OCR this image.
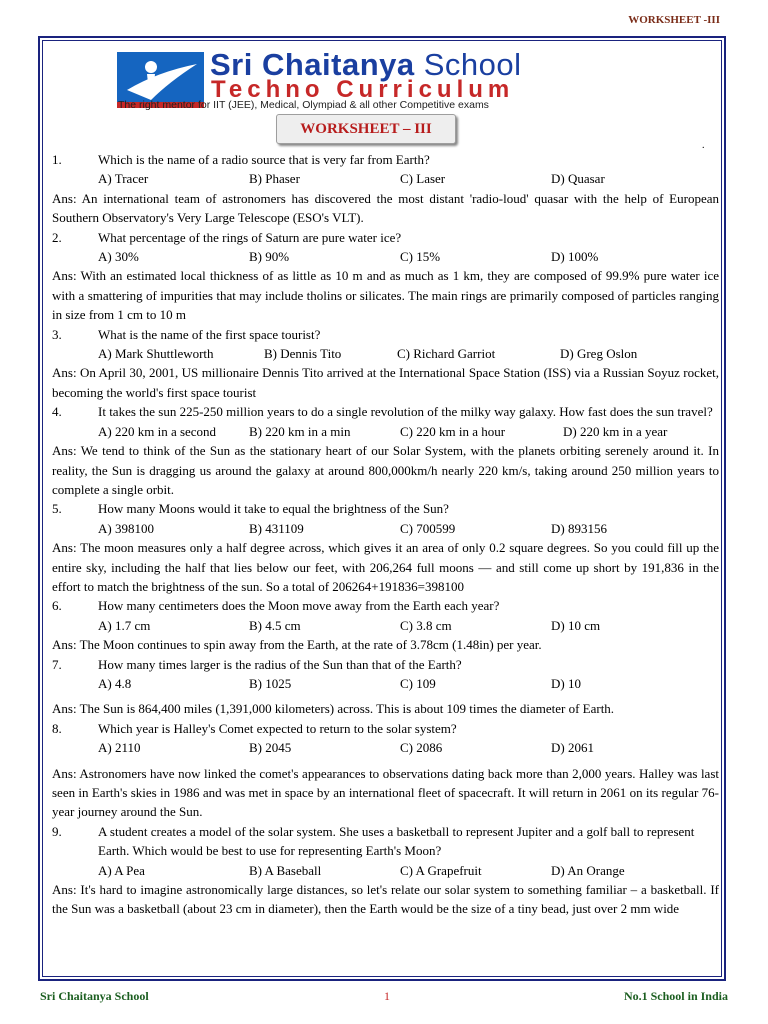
WORKSHEET -III
Sri Chaitanya School
Techno Curriculum
The right mentor for IIT (JEE), Medical, Olympiad & all other Competitive exams
WORKSHEET – III
.
1.	Which is the name of a radio source that is very far from Earth?
A) Tracer	B) Phaser	C) Laser	D) Quasar
Ans: An international team of astronomers has discovered the most distant 'radio-loud' quasar with the help of European Southern Observatory's Very Large Telescope (ESO's VLT).
2.	What percentage of the rings of Saturn are pure water ice?
A) 30%	B) 90%	C) 15%	D) 100%
Ans: With an estimated local thickness of as little as 10 m and as much as 1 km, they are composed of 99.9% pure water ice with a smattering of impurities that may include tholins or silicates. The main rings are primarily composed of particles ranging in size from 1 cm to 10 m
3.	What is the name of the first space tourist?
A) Mark Shuttleworth	B) Dennis Tito	C) Richard Garriot	D) Greg Oslon
Ans: On April 30, 2001, US millionaire Dennis Tito arrived at the International Space Station (ISS) via a Russian Soyuz rocket, becoming the world's first space tourist
4.	It takes the sun 225-250 million years to do a single revolution of the milky way galaxy. How fast does the sun travel?
A) 220 km in a second	B) 220 km in a min	C) 220 km in a hour	D) 220 km in a year
Ans: We tend to think of the Sun as the stationary heart of our Solar System, with the planets orbiting serenely around it. In reality, the Sun is dragging us around the galaxy at around 800,000km/h nearly 220 km/s, taking around 250 million years to complete a single orbit.
5.	How many Moons would it take to equal the brightness of the Sun?
A) 398100	B) 431109	C) 700599	D) 893156
Ans: The moon measures only a half degree across, which gives it an area of only 0.2 square degrees. So you could fill up the entire sky, including the half that lies below our feet, with 206,264 full moons — and still come up short by 191,836 in the effort to match the brightness of the sun. So a total of 206264+191836=398100
6.	How many centimeters does the Moon move away from the Earth each year?
A) 1.7 cm	B) 4.5 cm	C) 3.8 cm	D) 10 cm
Ans: The Moon continues to spin away from the Earth, at the rate of 3.78cm (1.48in) per year.
7.	How many times larger is the radius of the Sun than that of the Earth?
A) 4.8	B) 1025	C) 109	D) 10
Ans: The Sun is 864,400 miles (1,391,000 kilometers) across. This is about 109 times the diameter of Earth.
8.	Which year is Halley's Comet expected to return to the solar system?
A) 2110	B) 2045	C) 2086	D) 2061
Ans: Astronomers have now linked the comet's appearances to observations dating back more than 2,000 years. Halley was last seen in Earth's skies in 1986 and was met in space by an international fleet of spacecraft. It will return in 2061 on its regular 76-year journey around the Sun.
9.	A student creates a model of the solar system. She uses a basketball to represent Jupiter and a golf ball to represent Earth. Which would be best to use for representing Earth's Moon?
A) A Pea	B) A Baseball	C) A Grapefruit	D) An Orange
Ans: It's hard to imagine astronomically large distances, so let's relate our solar system to something familiar – a basketball. If the Sun was a basketball (about 23 cm in diameter), then the Earth would be the size of a tiny bead, just over 2 mm wide
Sri Chaitanya School	1	No.1 School in India
